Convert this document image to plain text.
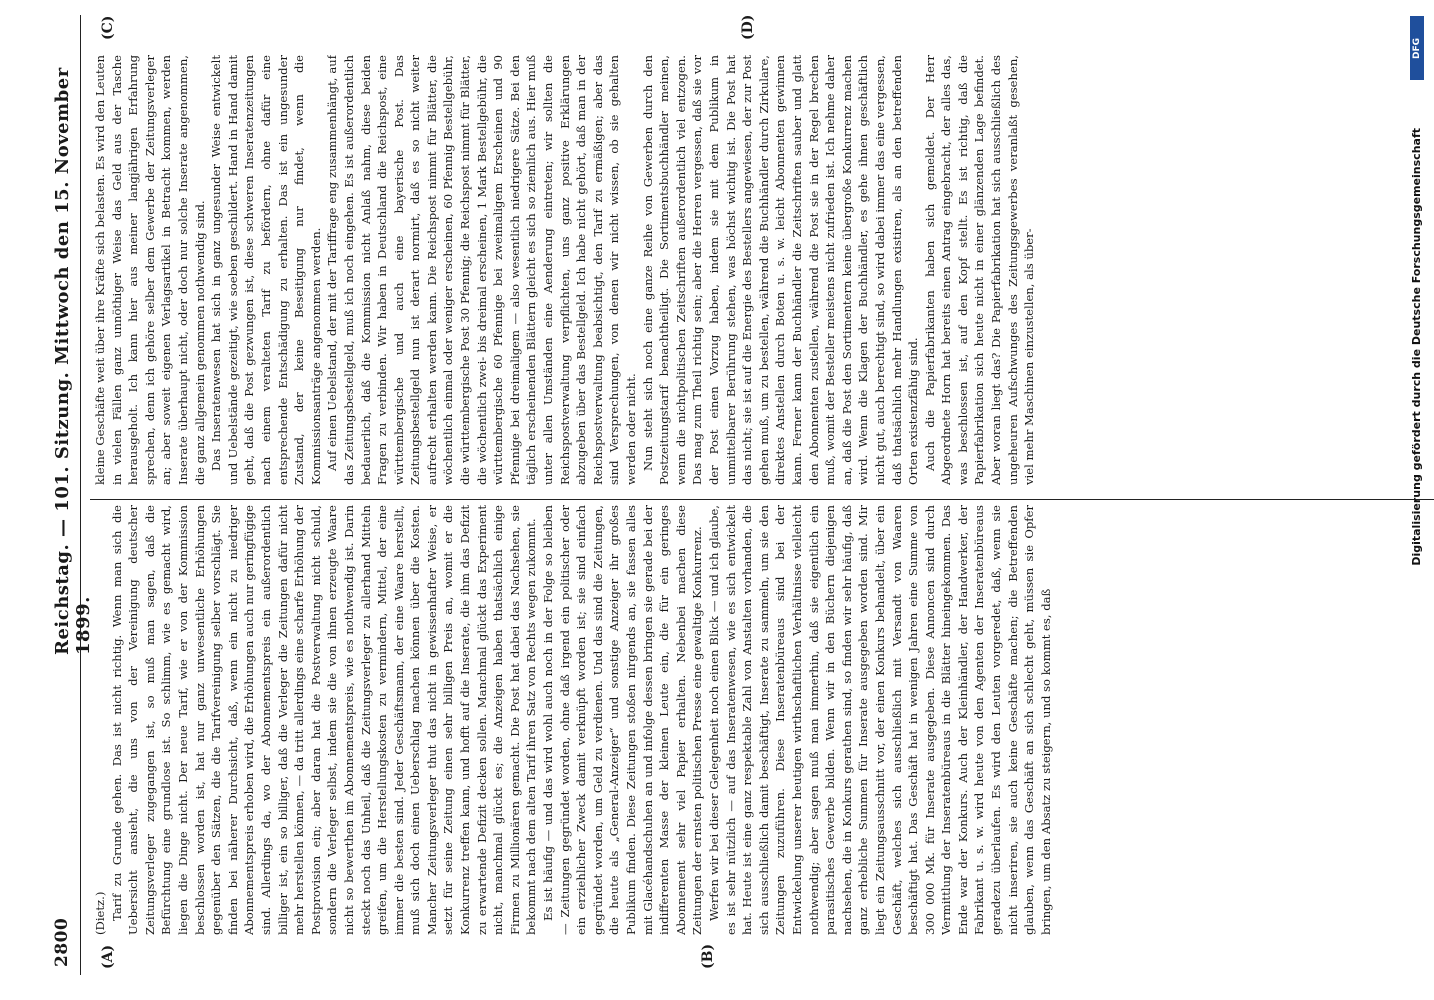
2800
Reichstag. — 101. Sitzung. Mittwoch den 15. November 1899.
(A)	(B)
(C)	(D)

(Dietz.) Tarif zu Grunde gehen. Das ist nicht richtig. Wenn man sich die Uebersicht ansieht, die uns von der Vereinigung deutscher Zeitungsverleger zugegangen ist, so muß man sagen, daß die Befürchtung eine grundlose ist. So schlimm, wie es gemacht wird, liegen die Dinge nicht. Der neue Tarif, wie er von der Kommission beschlossen worden ist, hat nur ganz unwesentliche Erhöhungen gegenüber den Sätzen, die die Tarifvereinigung selber vorschlägt. Sie finden bei näherer Durchsicht, daß, wenn ein nicht zu niedriger Abonnementspreis erhoben wird, die Erhöhungen auch nur geringfügige sind. Allerdings da, wo der Abonnementspreis ein außerordentlich billiger ist, ein so billiger, daß die Verleger die Zeitungen dafür nicht mehr herstellen können, — da tritt allerdings eine scharfe Erhöhung der Postprovision ein; aber daran hat die Postverwaltung nicht schuld, sondern die Verleger selbst, indem sie die von ihnen erzeugte Waare nicht so bewerthen im Abonnementspreis, wie es nothwendig ist. Darin steckt noch das Unheil, daß die Zeitungsverleger zu allerhand Mitteln greifen, um die Herstellungskosten zu vermindern, Mittel, der eine immer die besten sind. Jeder Geschäftsmann, der eine Waare herstellt, muß sich doch einen Ueberschlag machen können über die Kosten. Mancher Zeitungsverleger thut das nicht in gewissenhafter Weise, er setzt für seine Zeitung einen sehr billigen Preis an, womit er die Konkurrenz treffen kann, und hofft auf die Inserate, die ihm das Defizit zu erwartende Defizit decken sollen. Manchmal glückt das Experiment nicht, manchmal glückt es; die Anzeigen haben thatsächlich einige Firmen zu Millionären gemacht. Die Post hat dabei das Nachsehen, sie bekommt nach dem alten Tarif ihren Satz von Rechts wegen zukommt. Es ist häufig — und das wird wohl auch noch in der Folge so bleiben — Zeitungen gegründet worden, ohne daß irgend ein politischer oder ein erziehlicher Zweck damit verknüpft worden ist; sie sind einfach gegründet worden, um Geld zu verdienen. Und das sind die Zeitungen, die heute als „General-Anzeiger“ und sonstige Anzeiger ihr großes Publikum finden. Diese Zeitungen stoßen nirgends an, sie fassen alles mit Glacéhandschuhen an und infolge dessen bringen sie gerade bei der indifferenten Masse der kleinen Leute ein, die für ein geringes Abonnement sehr viel Papier erhalten. Nebenbei machen diese Zeitungen der ernsten politischen Presse eine gewaltige Konkurrenz. Werfen wir bei dieser Gelegenheit noch einen Blick — und ich glaube, es ist sehr nützlich — auf das Inseratenwesen, wie es sich entwickelt hat. Heute ist eine ganz respektable Zahl von Anstalten vorhanden, die sich ausschließlich damit beschäftigt, Inserate zu sammeln, um sie den Zeitungen zuzuführen. Diese Inseratenbüreaus sind bei der Entwickelung unserer heutigen wirthschaftlichen Verhältnisse vielleicht nothwendig; aber sagen muß man immerhin, daß sie eigentlich ein parasitisches Gewerbe bilden. Wenn wir in den Büchern diejenigen nachsehen, die in Konkurs gerathen sind, so finden wir sehr häufig, daß ganz erhebliche Summen für Inserate ausgegeben worden sind. Mir liegt ein Zeitungsausschnitt vor, der einen Konkurs behandelt, über ein Geschäft, welches sich ausschließlich mit Versandt von Waaren beschäftigt hat. Das Geschäft hat in wenigen Jahren eine Summe von 300 000 Mk. für Inserate ausgegeben. Diese Annoncen sind durch Vermittlung der Inseratenbüreaus in die Blätter hineingekommen. Das Ende war der Konkurs. Auch der Kleinhändler, der Handwerker, der Fabrikant u. s. w. wird heute von den Agenten der Inseratenbüreaus geradezu überlaufen. Es wird den Leuten vorgeredet, daß, wenn sie nicht inseriren, sie auch keine Geschäfte machen; die Betreffenden glauben, wenn das Geschäft an sich schlecht geht, müssen sie Opfer bringen, um den Absatz zu steigern, und so kommt es, daß

kleine Geschäfte weit über ihre Kräfte sich belasten. Es wird den Leuten in vielen Fällen ganz unnöthiger Weise das Geld aus der Tasche herausgeholt. Ich kann hier aus meiner langjährigen Erfahrung sprechen, denn ich gehöre selber dem Gewerbe der Zeitungsverleger an; aber soweit eigenen Verlagsartikel in Betracht kommen, werden Inserate überhaupt nicht, oder doch nur solche Inserate angenommen, die ganz allgemein genommen nothwendig sind. Das Inseratenwesen hat sich in ganz ungesunder Weise entwickelt und Uebelstände gezeitigt, wie soeben geschildert. Hand in Hand damit geht, daß die Post gezwungen ist, diese schweren Inseratenzeitungen nach einem veralteten Tarif zu befördern, ohne dafür eine entsprechende Entschädigung zu erhalten. Das ist ein ungesunder Zustand, der keine Beseitigung nur findet, wenn die Kommissionsanträge angenommen werden. Auf einen Uebelstand, der mit der Tariffrage eng zusammenhängt, auf das Zeitungsbestellgeld, muß ich noch eingehen. Es ist außerordentlich bedauerlich, daß die Kommission nicht Anlaß nahm, diese beiden Fragen zu verbinden. Wir haben in Deutschland die Reichspost, eine württembergische und auch eine bayerische Post. Das Zeitungsbestellgeld nun ist derart normirt, daß es so nicht weiter aufrecht erhalten werden kann. Die Reichspost nimmt für Blätter, die wöchentlich einmal oder weniger erscheinen, 60 Pfennig Bestellgebühr, die württembergische Post 30 Pfennig; die Reichspost nimmt für Blätter, die wöchentlich zwei- bis dreimal erscheinen, 1 Mark Bestellgebühr, die württembergische 60 Pfennige bei zweimaligem Erscheinen und 90 Pfennige bei dreimaligem — also wesentlich niedrigere Sätze. Bei den täglich erscheinenden Blättern gleicht es sich so ziemlich aus. Hier muß unter allen Umständen eine Aenderung eintreten; wir sollten die Reichspostverwaltung verpflichten, uns ganz positive Erklärungen abzugeben über das Bestellgeld. Ich habe nicht gehört, daß man in der Reichspostverwaltung beabsichtigt, den Tarif zu ermäßigen; aber das sind Versprechungen, von denen wir nicht wissen, ob sie gehalten werden oder nicht. Nun steht sich noch eine ganze Reihe von Gewerben durch den Postzeitungstarif benachtheiligt. Die Sortimentsbuchhändler meinen, wenn die nichtpolitischen Zeitschriften außerordentlich viel entzogen. Das mag zum Theil richtig sein; aber die Herren vergessen, daß sie vor der Post einen Vorzug haben, indem sie mit dem Publikum in unmittelbarer Berührung stehen, was höchst wichtig ist. Die Post hat das nicht; sie ist auf die Energie des Bestellers angewiesen, der zur Post gehen muß, um zu bestellen, während die Buchhändler durch Zirkulare, direktes Anstellen durch Boten u. s. w. leicht Abonnenten gewinnen kann. Ferner kann der Buchhändler die Zeitschriften sauber und glatt den Abonnenten zustellen, während die Post sie in der Regel brechen muß, womit der Besteller meistens nicht zufrieden ist. Ich nehme daher an, daß die Post den Sortimentern keine übergroße Konkurrenz machen wird. Wenn die Klagen der Buchhändler, es gehe ihnen geschäftlich nicht gut, auch berechtigt sind, so wird dabei immer das eine vergessen, daß thatsächlich mehr Handlungen existiren, als an den betreffenden Orten existenzfähig sind. Auch die Papierfabrikanten haben sich gemeldet. Der Herr Abgeordnete Horn hat bereits einen Antrag eingebracht, der alles das, was beschlossen ist, auf den Kopf stellt. Es ist richtig, daß die Papierfabrikation sich heute nicht in einer glänzenden Lage befindet. Aber woran liegt das? Die Papierfabrikation hat sich ausschließlich des ungeheuren Aufschwunges des Zeitungsgewerbes veranlaßt gesehen, viel mehr Maschinen einzustellen, als über-

DFG
Digitalisierung gefördert durch die Deutsche Forschungsgemeinschaft
